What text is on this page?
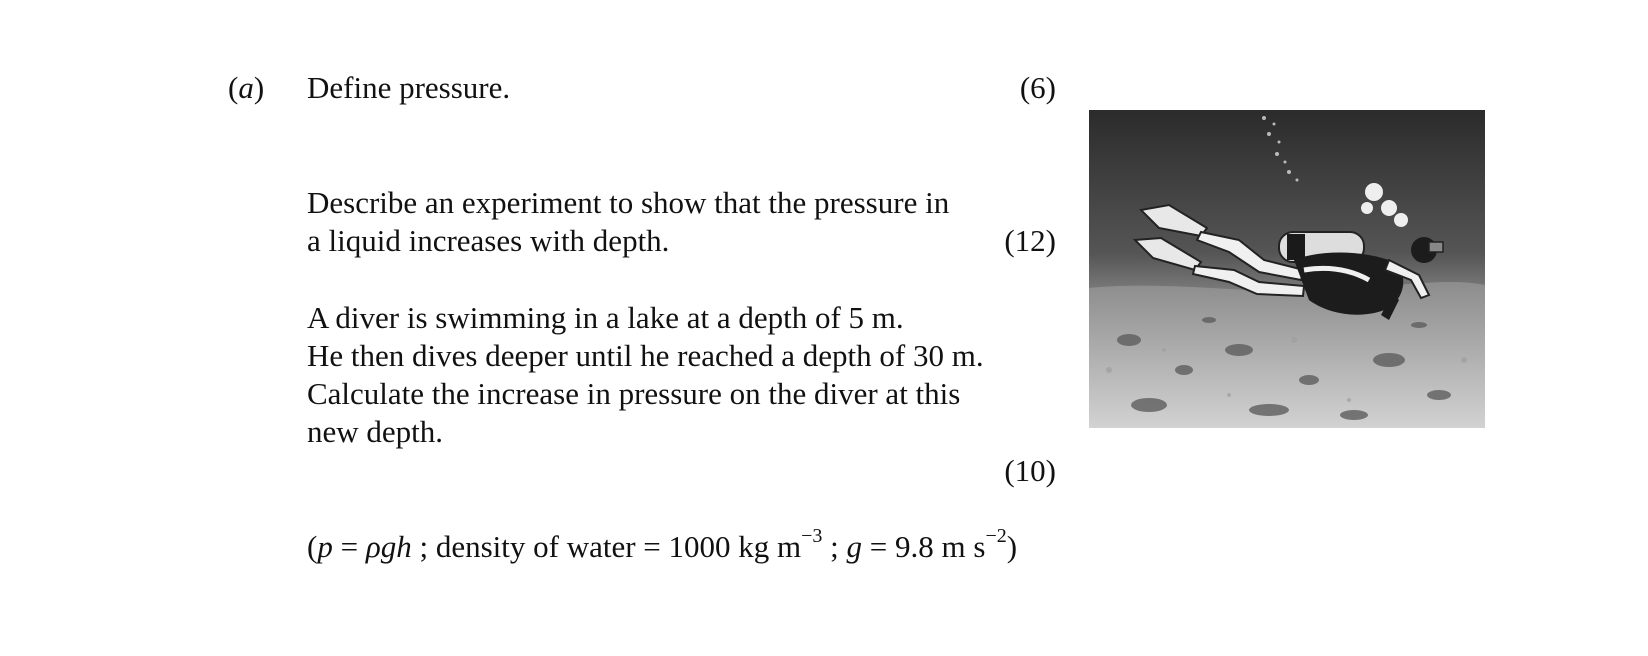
(a) Define pressure.	(6)
Describe an experiment to show that the pressure in
a liquid increases with depth.	(12)
A diver is swimming in a lake at a depth of 5 m.
He then dives deeper until he reached a depth of 30 m.
Calculate the increase in pressure on the diver at this
new depth.
(10)
(p = ρgh ; density of water = 1000 kg $m^{-3}$ ; g = 9.8 m $s^{-2}$)
